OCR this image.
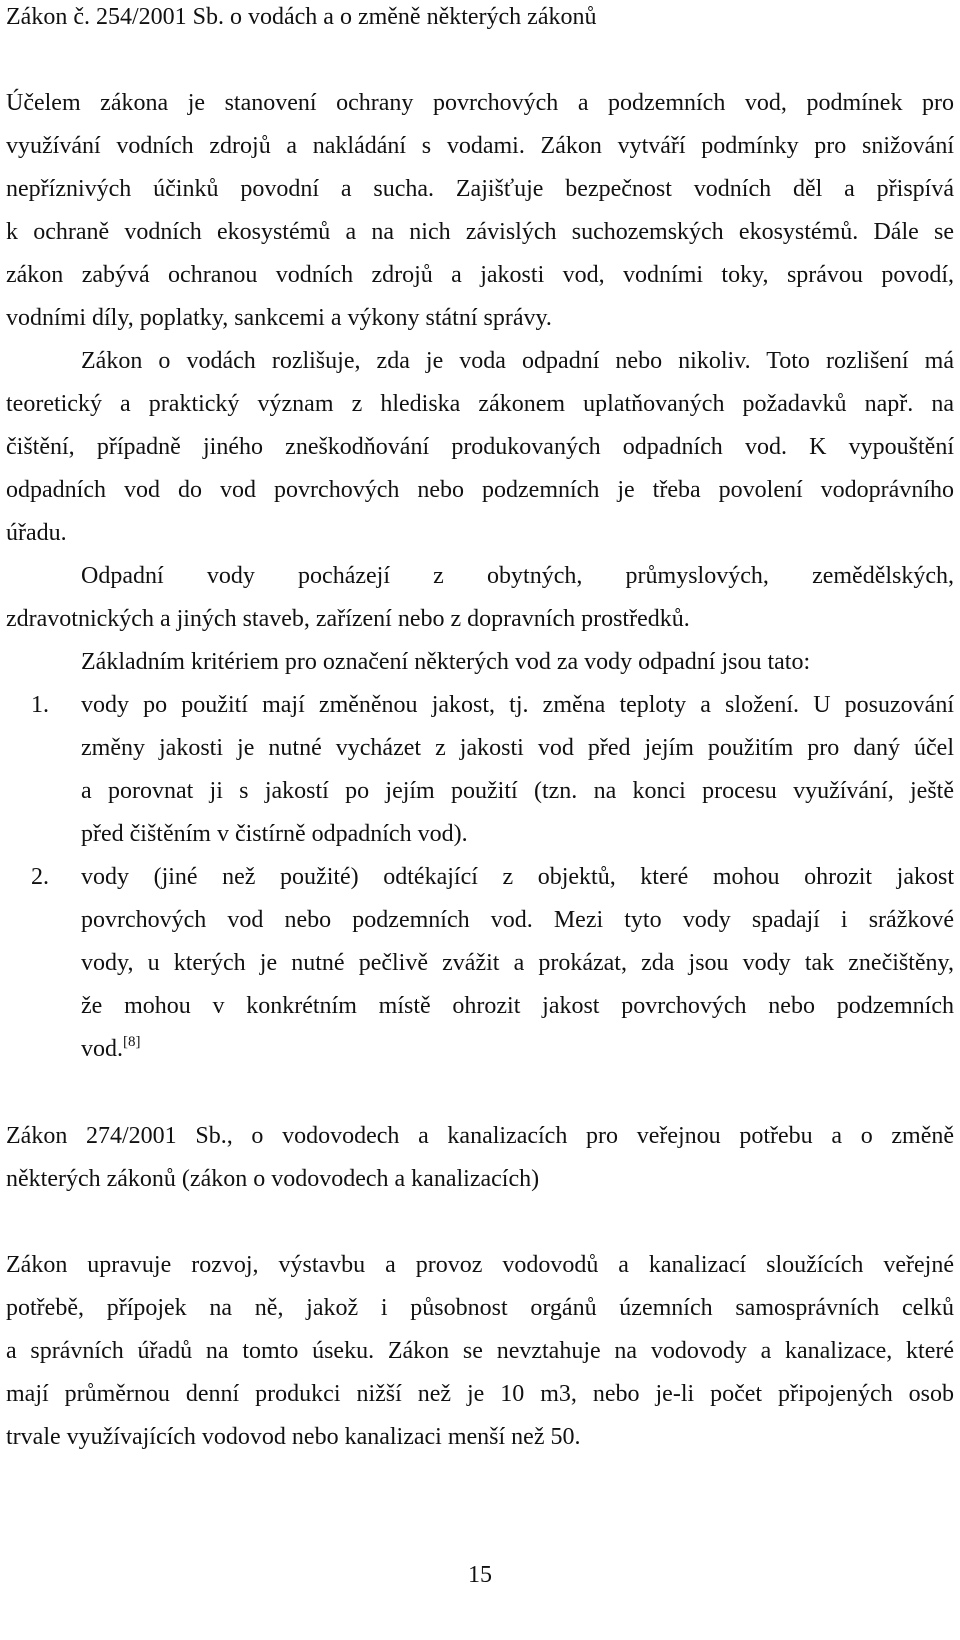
Zákon č. 254/2001 Sb. o vodách a o změně některých zákonů
Účelem zákona je stanovení ochrany povrchových a podzemních vod, podmínek pro
využívání vodních zdrojů a nakládání s vodami. Zákon vytváří podmínky pro snižování
nepříznivých účinků povodní a sucha. Zajišťuje bezpečnost vodních děl a přispívá
k ochraně vodních ekosystémů a na nich závislých suchozemských ekosystémů. Dále se
zákon zabývá ochranou vodních zdrojů a jakosti vod, vodními toky, správou povodí,
vodními díly, poplatky, sankcemi a výkony státní správy.
Zákon o vodách rozlišuje, zda je voda odpadní nebo nikoliv. Toto rozlišení má
teoretický a praktický význam z hlediska zákonem uplatňovaných požadavků např. na
čištění, případně jiného zneškodňování produkovaných odpadních vod. K vypouštění
odpadních vod do vod povrchových nebo podzemních je třeba povolení vodoprávního
úřadu.
Odpadní vody pocházejí z obytných, průmyslových, zemědělských,
zdravotnických a jiných staveb, zařízení nebo z dopravních prostředků.
Základním kritériem pro označení některých vod za vody odpadní jsou tato:
1. vody po použití mají změněnou jakost, tj. změna teploty a složení. U posuzování
změny jakosti je nutné vycházet z jakosti vod před jejím použitím pro daný účel
a porovnat ji s jakostí po jejím použití (tzn. na konci procesu využívání, ještě
před čištěním v čistírně odpadních vod).
2. vody (jiné než použité) odtékající z objektů, které mohou ohrozit jakost
povrchových vod nebo podzemních vod. Mezi tyto vody spadají i srážkové
vody, u kterých je nutné pečlivě zvážit a prokázat, zda jsou vody tak znečištěny,
že mohou v konkrétním místě ohrozit jakost povrchových nebo podzemních
vod.[8]
Zákon 274/2001 Sb., o vodovodech a kanalizacích pro veřejnou potřebu a o změně
některých zákonů (zákon o vodovodech a kanalizacích)
Zákon upravuje rozvoj, výstavbu a provoz vodovodů a kanalizací sloužících veřejné
potřebě, přípojek na ně, jakož i působnost orgánů územních samosprávních celků
a správních úřadů na tomto úseku. Zákon se nevztahuje na vodovody a kanalizace, které
mají průměrnou denní produkci nižší než je 10 m3, nebo je-li počet připojených osob
trvale využívajících vodovod nebo kanalizaci menší než 50.
15
